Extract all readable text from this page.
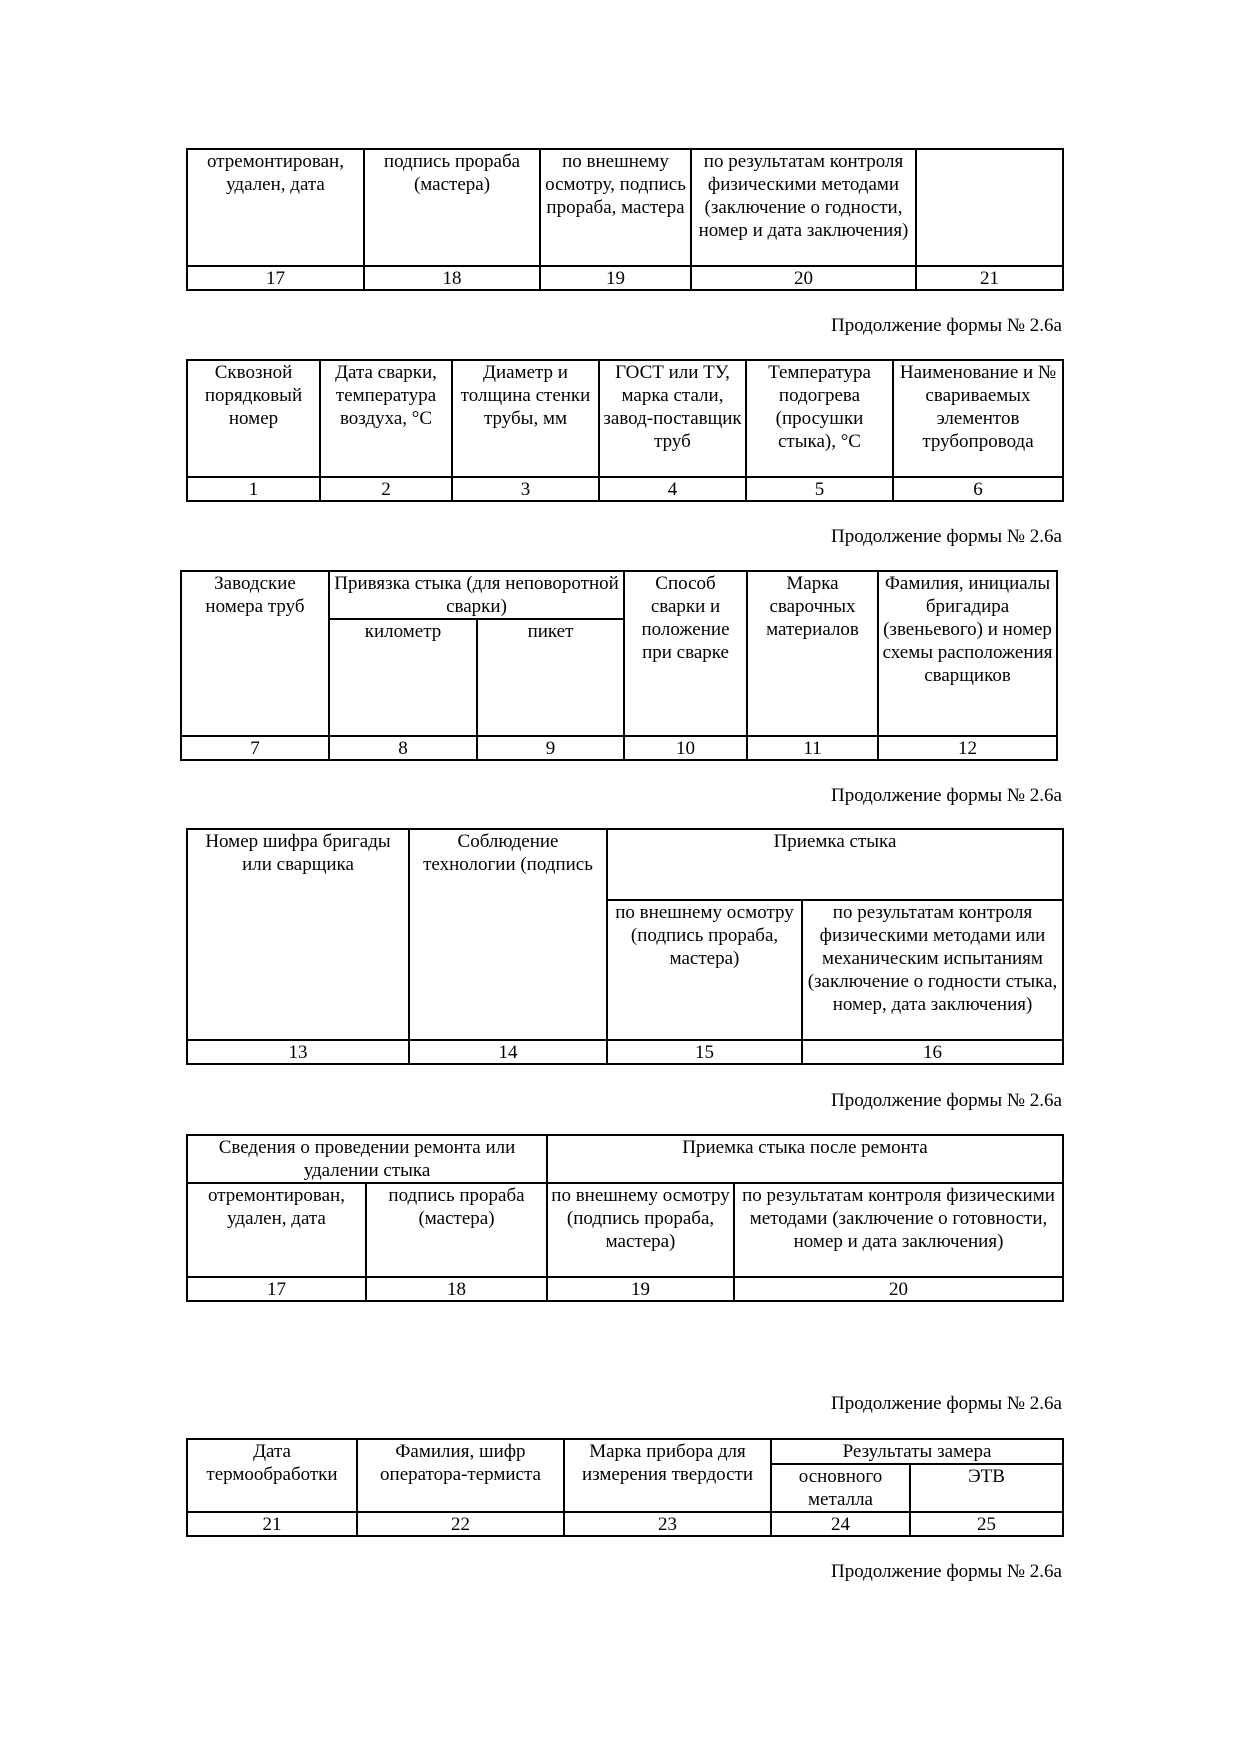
отремонтирован, удален, дата	подпись прораба (мастера)	по внешнему осмотру, подпись прораба, мастера	по результатам контроля физическими методами (заключение о годности, номер и дата заключения)	
17	18	19	20	21
Продолжение формы № 2.6а
Сквозной порядковый номер	Дата сварки, температура воздуха, °С	Диаметр и толщина стенки трубы, мм	ГОСТ или ТУ, марка стали, завод-поставщик труб	Температура подогрева (просушки стыка), °С	Наименование и № свариваемых элементов трубопровода
1	2	3	4	5	6
Продолжение формы № 2.6а
Заводские номера труб	Привязка стыка (для неповоротной сварки)		Способ сварки и положение при сварке	Марка сварочных материалов	Фамилия, инициалы бригадира (звеньевого) и номер схемы расположения сварщиков
	километр	пикет			
7	8	9	10	11	12
Продолжение формы № 2.6а
Номер шифра бригады или сварщика	Соблюдение технологии (подпись	Приемка стыка	
		по внешнему осмотру (подпись прораба, мастера)	по результатам контроля физическими методами или механическим испытаниям (заключение о годности стыка, номер, дата заключения)
13	14	15	16
Продолжение формы № 2.6а
Сведения о проведении ремонта или удалении стыка		Приемка стыка после ремонта	
отремонтирован, удален, дата	подпись прораба (мастера)	по внешнему осмотру (подпись прораба, мастера)	по результатам контроля физическими методами (заключение о готовности, номер и дата заключения)
17	18	19	20
Продолжение формы № 2.6а
Дата термообработки	Фамилия, шифр оператора-термиста	Марка прибора для измерения твердости	Результаты замера	
			основного металла	ЭТВ
21	22	23	24	25
Продолжение формы № 2.6а
